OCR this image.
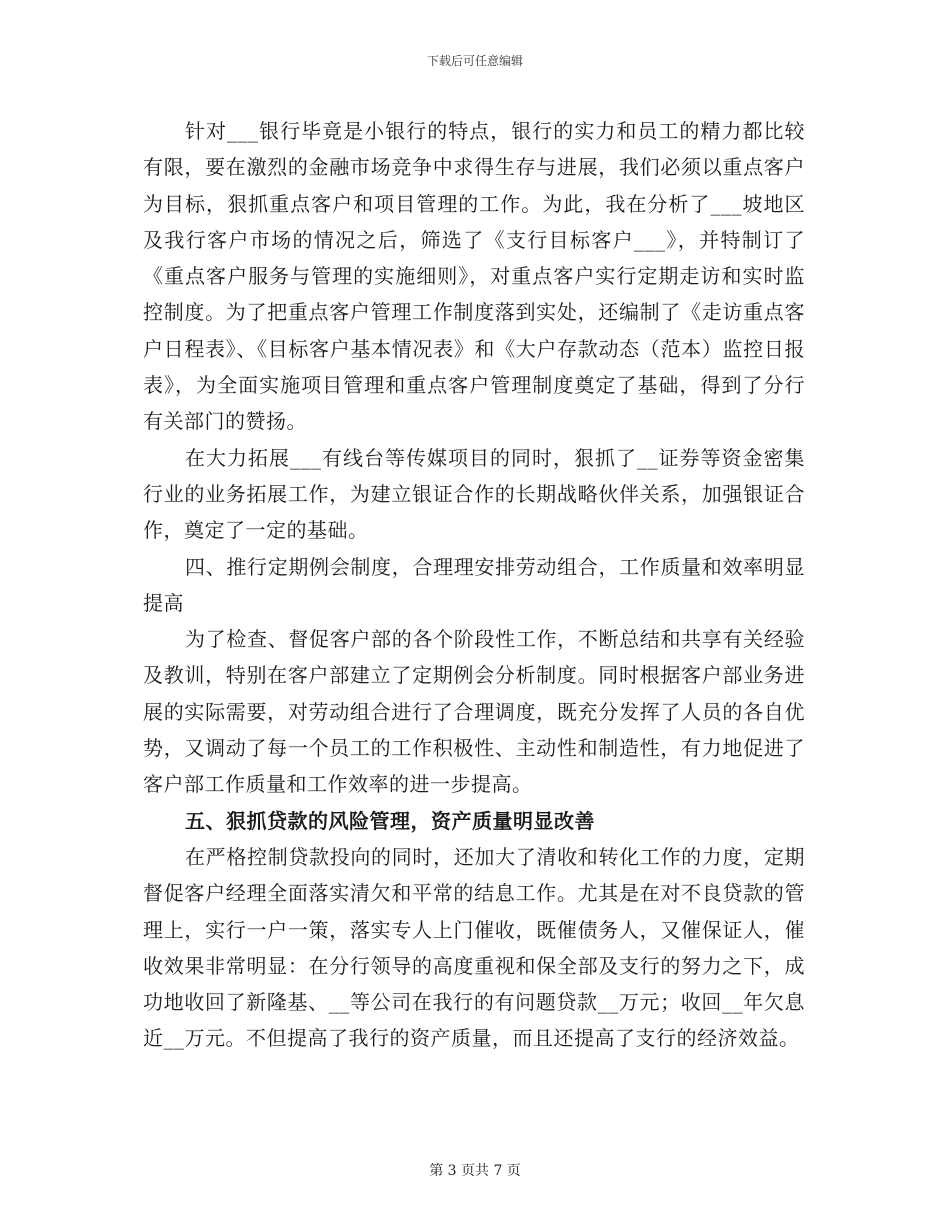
下载后可任意编辑

针对___银行毕竟是小银行的特点，银行的实力和员工的精力都比较有限，要在激烈的金融市场竞争中求得生存与进展，我们必须以重点客户为目标，狠抓重点客户和项目管理的工作。为此，我在分析了___坡地区及我行客户市场的情况之后，筛选了《支行目标客户___》，并特制订了《重点客户服务与管理的实施细则》，对重点客户实行定期走访和实时监控制度。为了把重点客户管理工作制度落到实处，还编制了《走访重点客户日程表》、《目标客户基本情况表》和《大户存款动态（范本）监控日报表》，为全面实施项目管理和重点客户管理制度奠定了基础，得到了分行有关部门的赞扬。

在大力拓展___有线台等传媒项目的同时，狠抓了__证券等资金密集行业的业务拓展工作，为建立银证合作的长期战略伙伴关系，加强银证合作，奠定了一定的基础。

四、推行定期例会制度，合理理安排劳动组合，工作质量和效率明显提高

为了检查、督促客户部的各个阶段性工作，不断总结和共享有关经验及教训，特别在客户部建立了定期例会分析制度。同时根据客户部业务进展的实际需要，对劳动组合进行了合理调度，既充分发挥了人员的各自优势，又调动了每一个员工的工作积极性、主动性和制造性，有力地促进了客户部工作质量和工作效率的进一步提高。

五、狠抓贷款的风险管理，资产质量明显改善

在严格控制贷款投向的同时，还加大了清收和转化工作的力度，定期督促客户经理全面落实清欠和平常的结息工作。尤其是在对不良贷款的管理上，实行一户一策，落实专人上门催收，既催债务人，又催保证人，催收效果非常明显：在分行领导的高度重视和保全部及支行的努力之下，成功地收回了新隆基、__等公司在我行的有问题贷款__万元；收回__年欠息近__万元。不但提高了我行的资产质量，而且还提高了支行的经济效益。

第 3 页共 7 页
